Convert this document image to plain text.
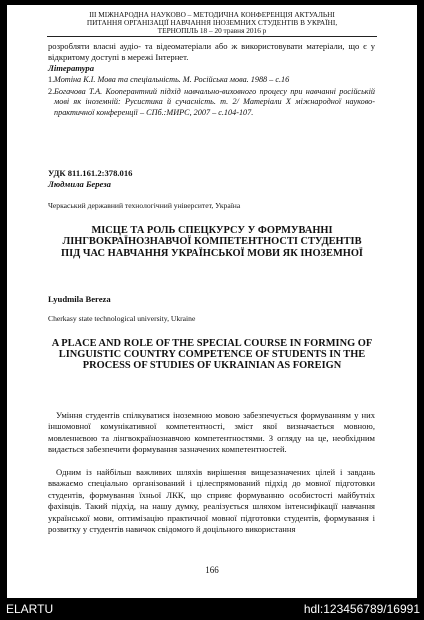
III МІЖНАРОДНА НАУКОВО – МЕТОДИЧНА КОНФЕРЕНЦІЯ АКТУАЛЬНІ
ПИТАННЯ ОРГАНІЗАЦІЇ НАВЧАННЯ ІНОЗЕМНИХ СТУДЕНТІВ В УКРАЇНІ,
ТЕРНОПІЛЬ 18 – 20 травня 2016 р
розробляти власні аудіо- та відеоматеріали або ж використовувати матеріали, що є у відкритому доступі в мережі Інтернет.
Література
1. Мотіна К.І. Мова та спеціальність. М. Російська мова. 1988 – с.16
2. Богачова Т.А. Кооперантний підхід навчально-виховного процесу при навчанні російській мові як іноземній: Русистика й сучасність. т. 2/ Матеріали Х міжнародної науково-практичної конференції – СПб.:МИРС, 2007 – с.104-107.
УДК 811.161.2:378.016
Людмила Береза
Черкаський державний технологічний університет, Україна
МІСЦЕ ТА РОЛЬ СПЕЦКУРСУ У ФОРМУВАННІ ЛІНГВОКРАЇНОЗНАВЧОЇ КОМПЕТЕНТНОСТІ СТУДЕНТІВ ПІД ЧАС НАВЧАННЯ УКРАЇНСЬКОЇ МОВИ ЯК ІНОЗЕМНОЇ
Lyudmila Bereza
Cherkasy state technological university, Ukraine
A PLACE AND ROLE OF THE SPECIAL COURSE IN FORMING OF LINGUISTIC COUNTRY COMPETENCE OF STUDENTS IN THE PROCESS OF STUDIES OF UKRAINIAN AS FOREIGN
Уміння студентів спілкуватися іноземною мовою забезпечується формуванням у них іншомовної комунікативної компетентності, зміст якої визначається мовною, мовленнєвою та лінгвокраїнознавчою компетентностями. З огляду на це, необхідним видається забезпечити формування зазначених компетентностей.
Одним із найбільш важливих шляхів вирішення вищезазначених цілей і завдань вважаємо спеціально організований і цілеспрямований підхід до мовної підготовки студентів, формування їхньої ЛКК, що сприяє формуванню особистості майбутніх фахівців. Такий підхід, на нашу думку, реалізується шляхом інтенсифікації навчання української мови, оптимізацію практичної мовної підготовки студентів, формування і розвитку у студентів навичок свідомого й доцільного використання
166
ELARTU	hdl:123456789/16991
